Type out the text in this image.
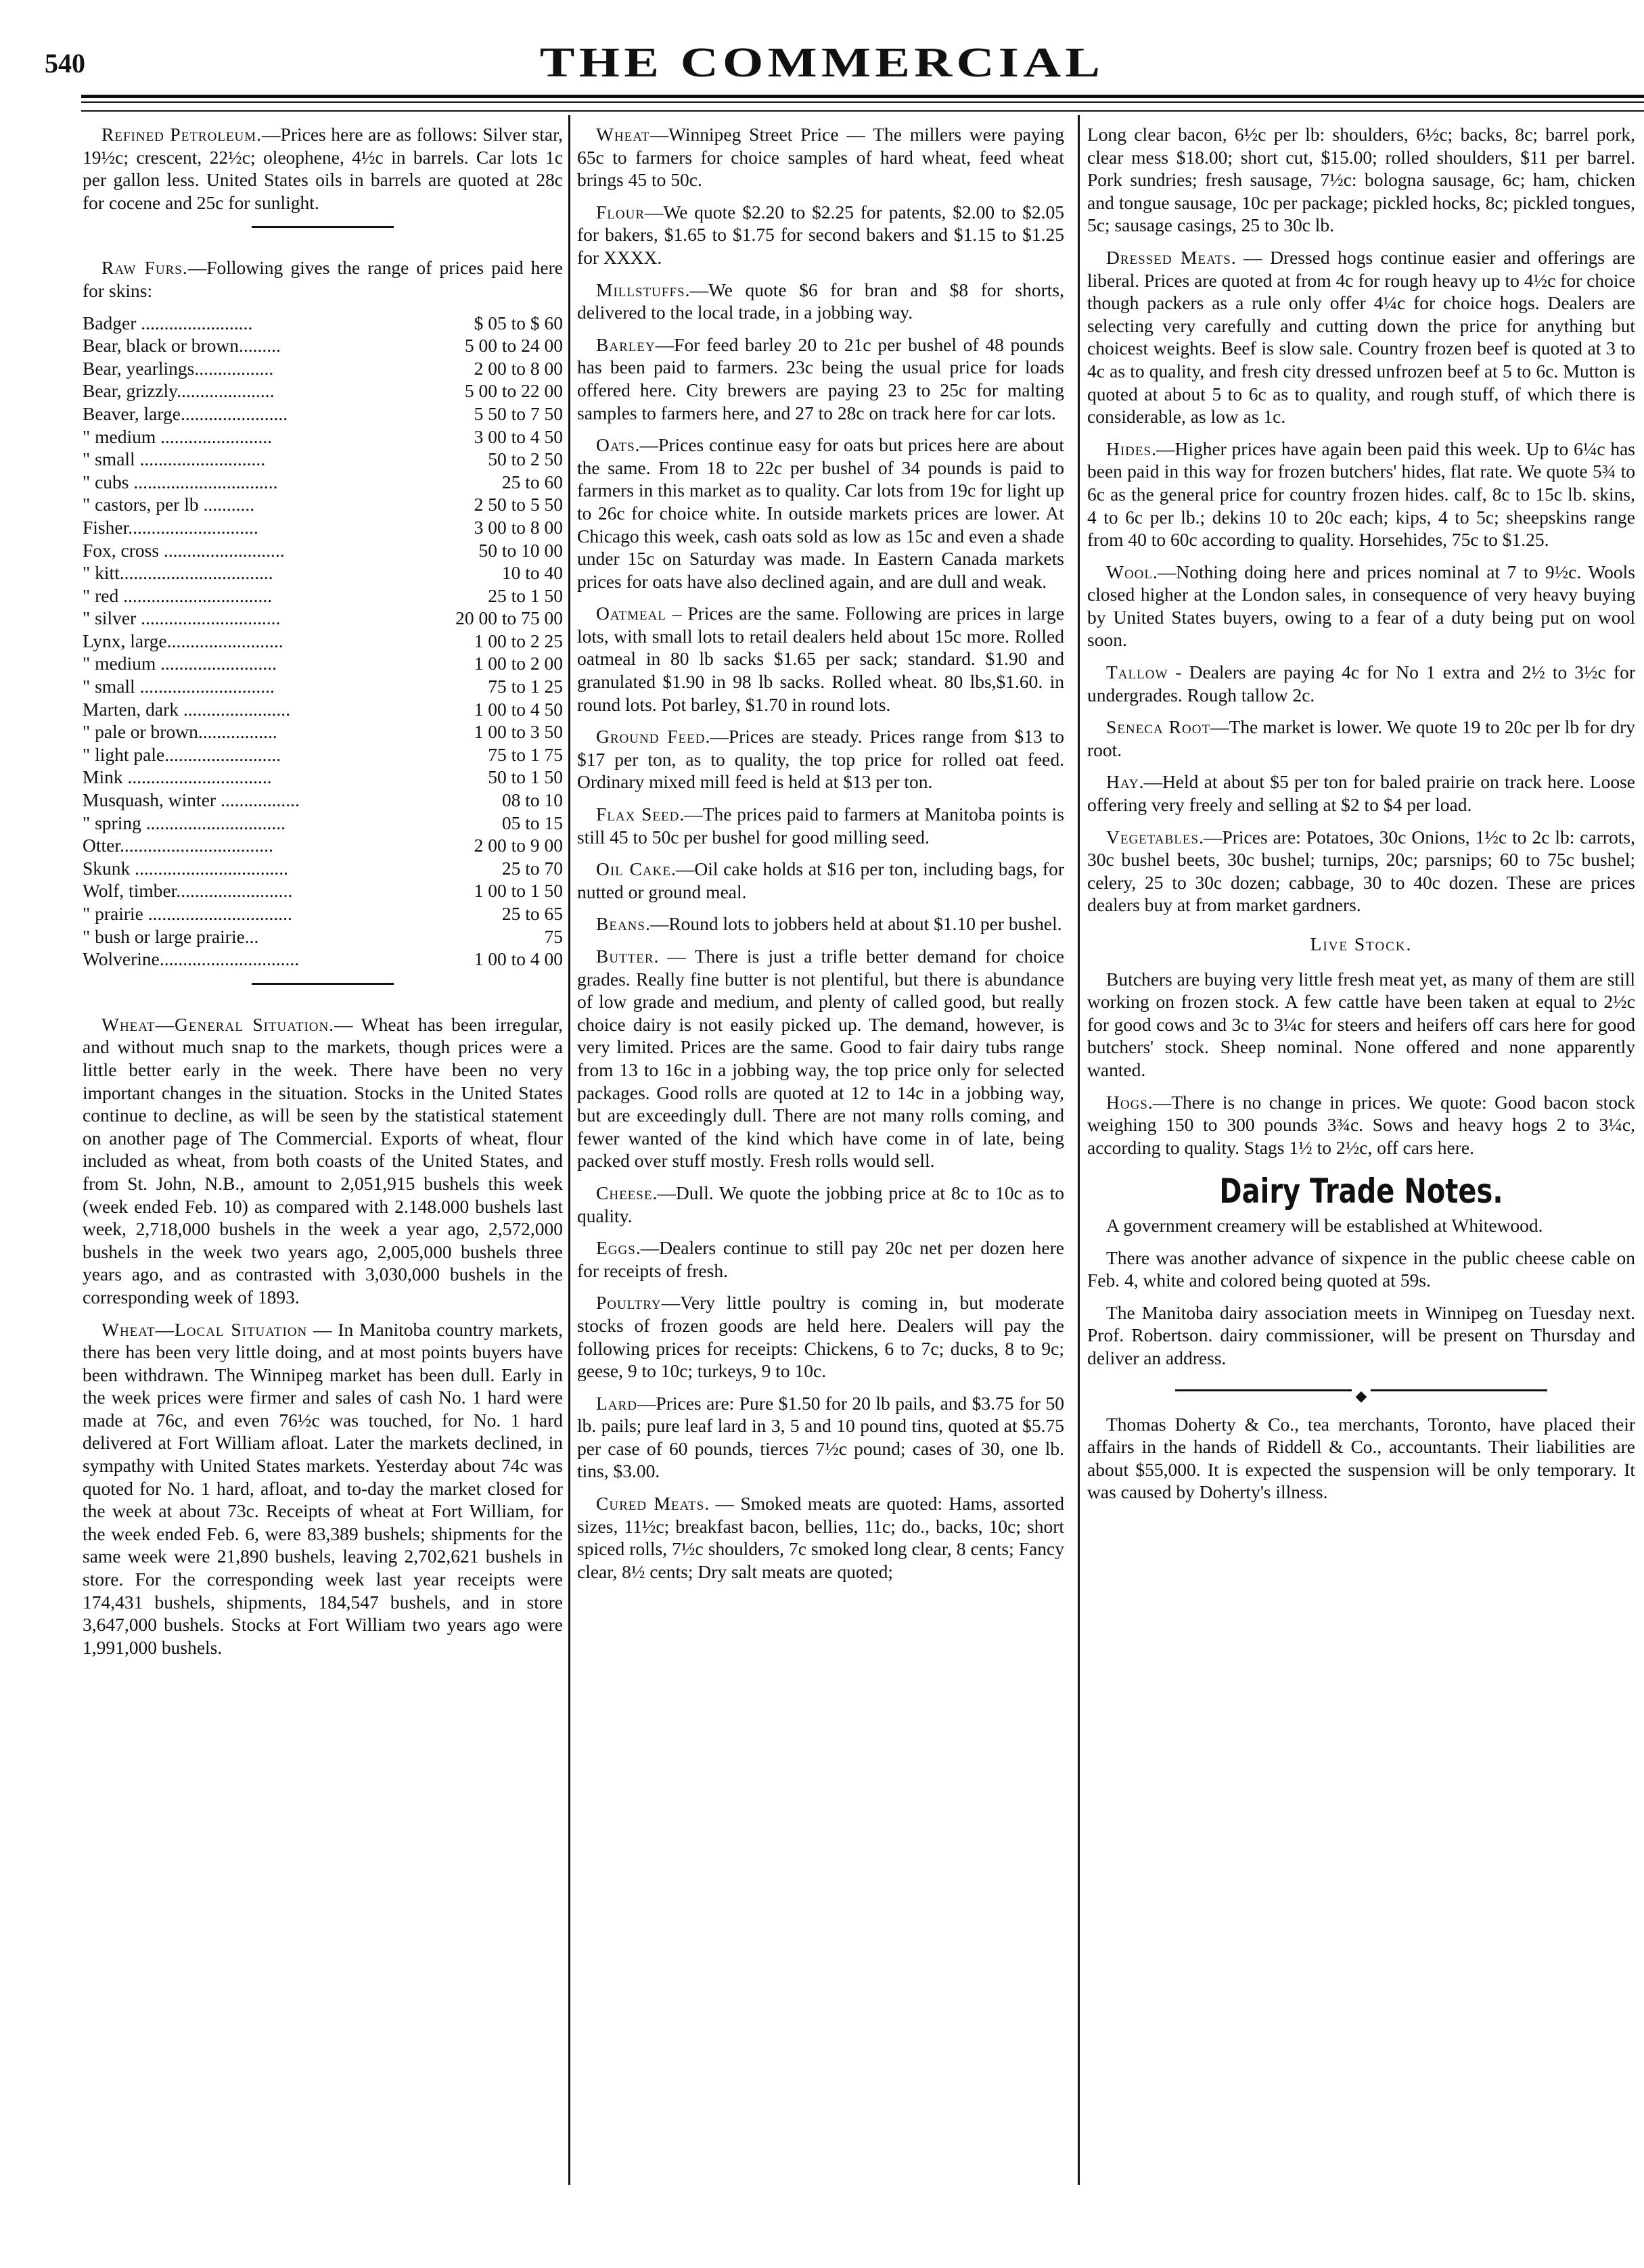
540	THE COMMERCIAL

Refined Petroleum.—Prices here are as follows: Silver star, 19½c; crescent, 22½c; oleophene, 4½c in barrels. Car lots 1c per gallon less. United States oils in barrels are quoted at 28c for cocene and 25c for sunlight.

Raw Furs.—Following gives the range of prices paid here for skins:

Badger ........................	$ 05 to $ 60
Bear, black or brown.........	5 00 to 24 00
Bear, yearlings.................	2 00 to 8 00
Bear, grizzly.....................	5 00 to 22 00
Beaver, large.......................	5 50 to 7 50
" medium ........................	3 00 to 4 50
" small ...........................	50 to 2 50
" cubs ...............................	25 to 60
" castors, per lb ...........	2 50 to 5 50
Fisher............................	3 00 to 8 00
Fox, cross ..........................	50 to 10 00
" kitt.................................	10 to 40
" red ................................	25 to 1 50
" silver ..............................	20 00 to 75 00
Lynx, large.........................	1 00 to 2 25
" medium .........................	1 00 to 2 00
" small .............................	75 to 1 25
Marten, dark .......................	1 00 to 4 50
" pale or brown.................	1 00 to 3 50
" light pale.........................	75 to 1 75
Mink ...............................	50 to 1 50
Musquash, winter .................	08 to 10
" spring ..............................	05 to 15
Otter.................................	2 00 to 9 00
Skunk .................................	25 to 70
Wolf, timber.........................	1 00 to 1 50
" prairie ...............................	25 to 65
" bush or large prairie...	75
Wolverine..............................	1 00 to 4 00

Wheat—General Situation.— Wheat has been irregular, and without much snap to the markets, though prices were a little better early in the week. There have been no very important changes in the situation. Stocks in the United States continue to decline, as will be seen by the statistical statement on another page of The Commercial. Exports of wheat, flour included as wheat, from both coasts of the United States, and from St. John, N.B., amount to 2,051,915 bushels this week (week ended Feb. 10) as compared with 2.148.000 bushels last week, 2,718,000 bushels in the week a year ago, 2,572,000 bushels in the week two years ago, 2,005,000 bushels three years ago, and as contrasted with 3,030,000 bushels in the corresponding week of 1893.

Wheat—Local Situation — In Manitoba country markets, there has been very little doing, and at most points buyers have been withdrawn. The Winnipeg market has been dull. Early in the week prices were firmer and sales of cash No. 1 hard were made at 76c, and even 76½c was touched, for No. 1 hard delivered at Fort William afloat. Later the markets declined, in sympathy with United States markets. Yesterday about 74c was quoted for No. 1 hard, afloat, and to-day the market closed for the week at about 73c. Receipts of wheat at Fort William, for the week ended Feb. 6, were 83,389 bushels; shipments for the same week were 21,890 bushels, leaving 2,702,621 bushels in store. For the corresponding week last year receipts were 174,431 bushels, shipments, 184,547 bushels, and in store 3,647,000 bushels. Stocks at Fort William two years ago were 1,991,000 bushels.

Wheat—Winnipeg Street Price — The millers were paying 65c to farmers for choice samples of hard wheat, feed wheat brings 45 to 50c.

Flour—We quote $2.20 to $2.25 for patents, $2.00 to $2.05 for bakers, $1.65 to $1.75 for second bakers and $1.15 to $1.25 for XXXX.

Millstuffs.—We quote $6 for bran and $8 for shorts, delivered to the local trade, in a jobbing way.

Barley—For feed barley 20 to 21c per bushel of 48 pounds has been paid to farmers. 23c being the usual price for loads offered here. City brewers are paying 23 to 25c for malting samples to farmers here, and 27 to 28c on track here for car lots.

Oats.—Prices continue easy for oats but prices here are about the same. From 18 to 22c per bushel of 34 pounds is paid to farmers in this market as to quality. Car lots from 19c for light up to 26c for choice white. In outside markets prices are lower. At Chicago this week, cash oats sold as low as 15c and even a shade under 15c on Saturday was made. In Eastern Canada markets prices for oats have also declined again, and are dull and weak.

Oatmeal – Prices are the same. Following are prices in large lots, with small lots to retail dealers held about 15c more. Rolled oatmeal in 80 lb sacks $1.65 per sack; standard. $1.90 and granulated $1.90 in 98 lb sacks. Rolled wheat. 80 lbs,$1.60. in round lots. Pot barley, $1.70 in round lots.

Ground Feed.—Prices are steady. Prices range from $13 to $17 per ton, as to quality, the top price for rolled oat feed. Ordinary mixed mill feed is held at $13 per ton.

Flax Seed.—The prices paid to farmers at Manitoba points is still 45 to 50c per bushel for good milling seed.

Oil Cake.—Oil cake holds at $16 per ton, including bags, for nutted or ground meal.

Beans.—Round lots to jobbers held at about $1.10 per bushel.

Butter. — There is just a trifle better demand for choice grades. Really fine butter is not plentiful, but there is abundance of low grade and medium, and plenty of called good, but really choice dairy is not easily picked up. The demand, however, is very limited. Prices are the same. Good to fair dairy tubs range from 13 to 16c in a jobbing way, the top price only for selected packages. Good rolls are quoted at 12 to 14c in a jobbing way, but are exceedingly dull. There are not many rolls coming, and fewer wanted of the kind which have come in of late, being packed over stuff mostly. Fresh rolls would sell.

Cheese.—Dull. We quote the jobbing price at 8c to 10c as to quality.

Eggs.—Dealers continue to still pay 20c net per dozen here for receipts of fresh.

Poultry—Very little poultry is coming in, but moderate stocks of frozen goods are held here. Dealers will pay the following prices for receipts: Chickens, 6 to 7c; ducks, 8 to 9c; geese, 9 to 10c; turkeys, 9 to 10c.

Lard—Prices are: Pure $1.50 for 20 lb pails, and $3.75 for 50 lb. pails; pure leaf lard in 3, 5 and 10 pound tins, quoted at $5.75 per case of 60 pounds, tierces 7½c pound; cases of 30, one lb. tins, $3.00.

Cured Meats. — Smoked meats are quoted: Hams, assorted sizes, 11½c; breakfast bacon, bellies, 11c; do., backs, 10c; short spiced rolls, 7½c shoulders, 7c smoked long clear, 8 cents; Fancy clear, 8½ cents; Dry salt meats are quoted;

Long clear bacon, 6½c per lb: shoulders, 6½c; backs, 8c; barrel pork, clear mess $18.00; short cut, $15.00; rolled shoulders, $11 per barrel. Pork sundries; fresh sausage, 7½c: bologna sausage, 6c; ham, chicken and tongue sausage, 10c per package; pickled hocks, 8c; pickled tongues, 5c; sausage casings, 25 to 30c lb.

Dressed Meats. — Dressed hogs continue easier and offerings are liberal. Prices are quoted at from 4c for rough heavy up to 4½c for choice though packers as a rule only offer 4¼c for choice hogs. Dealers are selecting very carefully and cutting down the price for anything but choicest weights. Beef is slow sale. Country frozen beef is quoted at 3 to 4c as to quality, and fresh city dressed unfrozen beef at 5 to 6c. Mutton is quoted at about 5 to 6c as to quality, and rough stuff, of which there is considerable, as low as 1c.

Hides.—Higher prices have again been paid this week. Up to 6¼c has been paid in this way for frozen butchers' hides, flat rate. We quote 5¾ to 6c as the general price for country frozen hides. calf, 8c to 15c lb. skins, 4 to 6c per lb.; dekins 10 to 20c each; kips, 4 to 5c; sheepskins range from 40 to 60c according to quality. Horsehides, 75c to $1.25.

Wool.—Nothing doing here and prices nominal at 7 to 9½c. Wools closed higher at the London sales, in consequence of very heavy buying by United States buyers, owing to a fear of a duty being put on wool soon.

Tallow - Dealers are paying 4c for No 1 extra and 2½ to 3½c for undergrades. Rough tallow 2c.

Seneca Root—The market is lower. We quote 19 to 20c per lb for dry root.

Hay.—Held at about $5 per ton for baled prairie on track here. Loose offering very freely and selling at $2 to $4 per load.

Vegetables.—Prices are: Potatoes, 30c Onions, 1½c to 2c lb: carrots, 30c bushel beets, 30c bushel; turnips, 20c; parsnips; 60 to 75c bushel; celery, 25 to 30c dozen; cabbage, 30 to 40c dozen. These are prices dealers buy at from market gardners.

Live Stock.

Butchers are buying very little fresh meat yet, as many of them are still working on frozen stock. A few cattle have been taken at equal to 2½c for good cows and 3c to 3¼c for steers and heifers off cars here for good butchers' stock. Sheep nominal. None offered and none apparently wanted.

Hogs.—There is no change in prices. We quote: Good bacon stock weighing 150 to 300 pounds 3¾c. Sows and heavy hogs 2 to 3¼c, according to quality. Stags 1½ to 2½c, off cars here.

Dairy Trade Notes.

A government creamery will be established at Whitewood.

There was another advance of sixpence in the public cheese cable on Feb. 4, white and colored being quoted at 59s.

The Manitoba dairy association meets in Winnipeg on Tuesday next. Prof. Robertson. dairy commissioner, will be present on Thursday and deliver an address.

◆

Thomas Doherty & Co., tea merchants, Toronto, have placed their affairs in the hands of Riddell & Co., accountants. Their liabilities are about $55,000. It is expected the suspension will be only temporary. It was caused by Doherty's illness.
